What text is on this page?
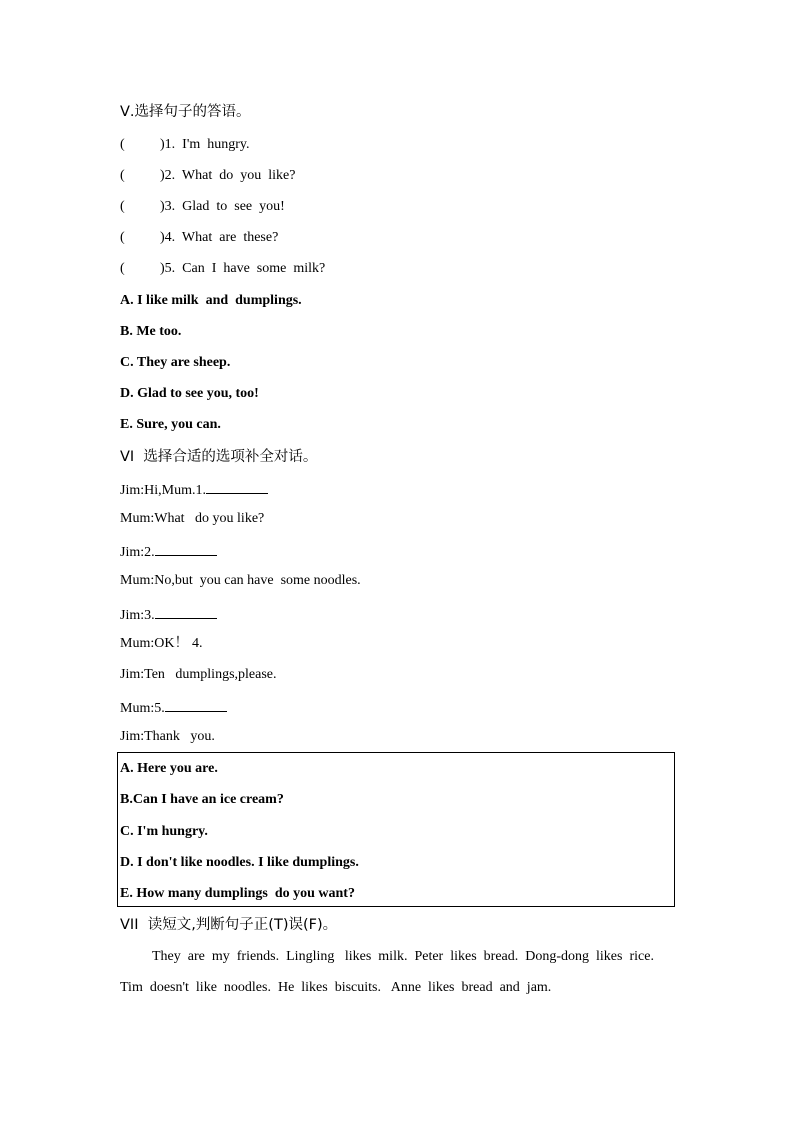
Ⅴ.选择句子的答语。
(	)1.  I'm  hungry.
(	)2.  What  do  you  like?
(	)3.  Glad  to  see  you!
(	)4.  What  are  these?
(	)5.  Can  I  have  some  milk?
A. I like milk  and  dumplings.
B. Me too.
C. They are sheep.
D. Glad to see you, too!
E. Sure, you can.
VI  选择合适的选项补全对话。
Jim:Hi,Mum.1.
Mum:What   do you like?
Jim:2.
Mum:No,but  you can have  some noodles.
Jim:3.
Mum:OK！ 4.
Jim:Ten   dumplings,please.
Mum:5.
Jim:Thank   you.
A. Here you are.
B.Can I have an ice cream?
C. I'm hungry.
D. I don't like noodles. I like dumplings.
E. How many dumplings  do you want?
VII  读短文,判断句子正(T)误(F)。
They  are  my  friends.  Lingling   likes  milk.  Peter  likes  bread.  Dong-dong  likes  rice.
Tim  doesn't  like  noodles.  He  likes  biscuits.   Anne  likes  bread  and  jam.
